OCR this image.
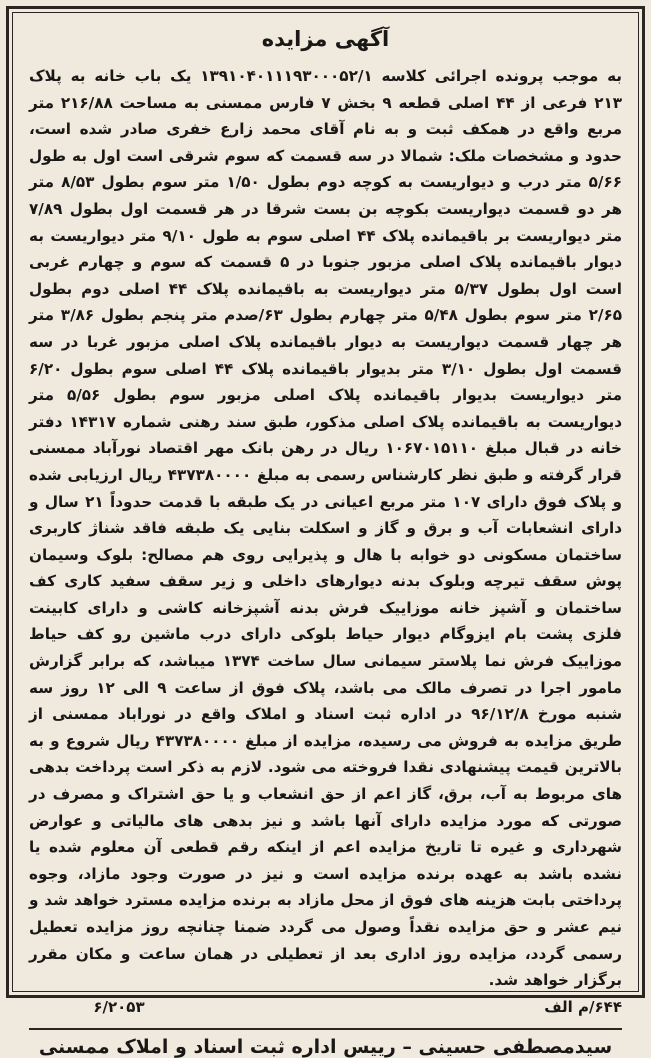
آگهی مزایده

به موجب پرونده اجرائی کلاسه ۱۳۹۱۰۴۰۱۱۱۹۳۰۰۰۵۲/۱ یک باب خانه به پلاک ۲۱۳ فرعی از ۴۴ اصلی قطعه ۹ بخش ۷ فارس ممسنی به مساحت ۲۱۶/۸۸ متر مربع واقع در همکف ثبت و به نام آقای محمد زارع خفری صادر شده است، حدود و مشخصات ملک: شمالا در سه قسمت که سوم شرقی است اول به طول ۵/۶۶ متر درب و دیواریست به کوچه دوم بطول ۱/۵۰ متر سوم بطول ۸/۵۳ متر هر دو قسمت دیواریست بکوچه بن بست شرقا در هر قسمت اول بطول ۷/۸۹ متر دیواریست بر باقیمانده پلاک ۴۴ اصلی سوم به طول ۹/۱۰ متر دیواریست به دیوار باقیمانده پلاک اصلی مزبور جنوبا در ۵ قسمت که سوم و چهارم غربی است اول بطول ۵/۳۷ متر دیواریست به باقیمانده پلاک ۴۴ اصلی دوم بطول ۲/۶۵ متر سوم بطول ۵/۴۸ متر چهارم بطول ۶۳/صدم متر پنجم بطول ۳/۸۶ متر هر چهار قسمت دیواریست به دیوار باقیمانده پلاک اصلی مزبور غربا در سه قسمت اول بطول ۳/۱۰ متر بدیوار باقیمانده پلاک ۴۴ اصلی سوم بطول ۶/۲۰ متر دیواریست بدیوار باقیمانده پلاک اصلی مزبور سوم بطول ۵/۵۶ متر دیواریست به باقیمانده پلاک اصلی مذکور، طبق سند رهنی شماره ۱۴۳۱۷ دفتر خانه در قبال مبلغ ۱۰۶۷۰۱۵۱۱۰ ریال در رهن بانک مهر اقتصاد نورآباد ممسنی قرار گرفته و طبق نظر کارشناس رسمی به مبلغ ۴۳۷۳۸۰۰۰۰ ریال ارزیابی شده و پلاک فوق دارای ۱۰۷ متر مربع اعیانی در یک طبقه با قدمت حدوداً ۲۱ سال و دارای انشعابات آب و برق و گاز و اسکلت بنایی یک طبقه فاقد شناژ کاربری ساختمان مسکونی دو خوابه با هال و پذیرایی روی هم مصالح: بلوک وسیمان پوش سقف تیرچه وبلوک بدنه دیوارهای داخلی و زیر سقف سفید کاری کف ساختمان و آشپز خانه موزاییک فرش بدنه آشپزخانه کاشی و دارای کابینت فلزی پشت بام ایزوگام دیوار حیاط بلوکی دارای درب ماشین رو کف حیاط موزاییک فرش نما پلاستر سیمانی سال ساخت ۱۳۷۴ میباشد، که برابر گزارش مامور اجرا در تصرف مالک می باشد، پلاک فوق از ساعت ۹ الی ۱۲ روز سه شنبه مورخ ۹۶/۱۲/۸ در اداره ثبت اسناد و املاک واقع در نوراباد ممسنی از طریق مزایده به فروش می رسیده، مزایده از مبلغ ۴۳۷۳۸۰۰۰۰ ریال شروع و به بالاترین قیمت پیشنهادی نقدا فروخته می شود. لازم به ذکر است پرداخت بدهی های مربوط به آب، برق، گاز اعم از حق انشعاب و یا حق اشتراک و مصرف در صورتی که مورد مزایده دارای آنها باشد و نیز بدهی های مالیاتی و عوارض شهرداری و غیره تا تاریخ مزایده اعم از اینکه رقم قطعی آن معلوم شده یا نشده باشد به عهده برنده مزایده است و نیز در صورت وجود مازاد، وجوه پرداختی بابت هزینه های فوق از محل مازاد به برنده مزایده مسترد خواهد شد و نیم عشر و حق مزایده نقداً وصول می گردد ضمنا چنانچه روز مزایده تعطیل رسمی گردد، مزایده روز اداری بعد از تعطیلی در همان ساعت و مکان مقرر برگزار خواهد شد.

۶۴۴/م الف
۶/۲۰۵۳
سیدمصطفی حسینی – رییس اداره ثبت اسناد و املاک ممسنی
